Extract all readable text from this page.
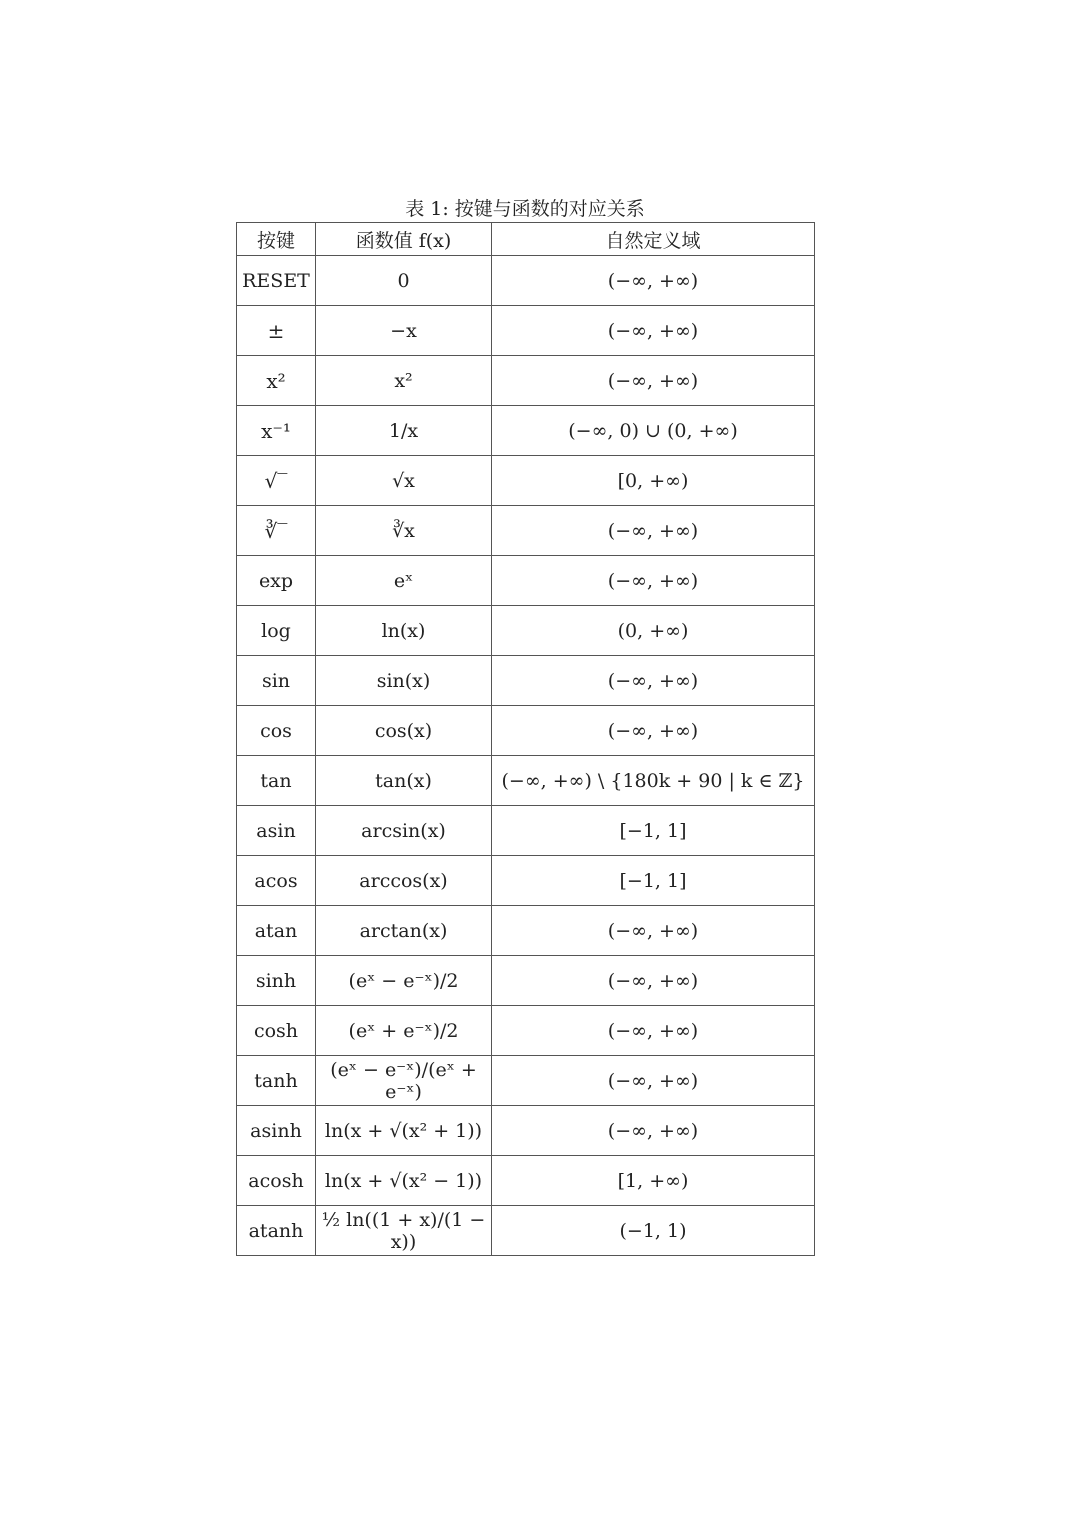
表 1: 按键与函数的对应关系
按键	函数值 f(x)	自然定义域
RESET	0	(−∞, +∞)
±	−x	(−∞, +∞)
x²	x²	(−∞, +∞)
x⁻¹	1/x	(−∞, 0) ∪ (0, +∞)
√‾	√x	[0, +∞)
∛‾	∛x	(−∞, +∞)
exp	eˣ	(−∞, +∞)
log	ln(x)	(0, +∞)
sin	sin(x)	(−∞, +∞)
cos	cos(x)	(−∞, +∞)
tan	tan(x)	(−∞, +∞) \ {180k + 90 | k ∈ ℤ}
asin	arcsin(x)	[−1, 1]
acos	arccos(x)	[−1, 1]
atan	arctan(x)	(−∞, +∞)
sinh	(eˣ − e⁻ˣ)/2	(−∞, +∞)
cosh	(eˣ + e⁻ˣ)/2	(−∞, +∞)
tanh	(eˣ − e⁻ˣ)/(eˣ + e⁻ˣ)	(−∞, +∞)
asinh	ln(x + √(x² + 1))	(−∞, +∞)
acosh	ln(x + √(x² − 1))	[1, +∞)
atanh	½ ln((1 + x)/(1 − x))	(−1, 1)
